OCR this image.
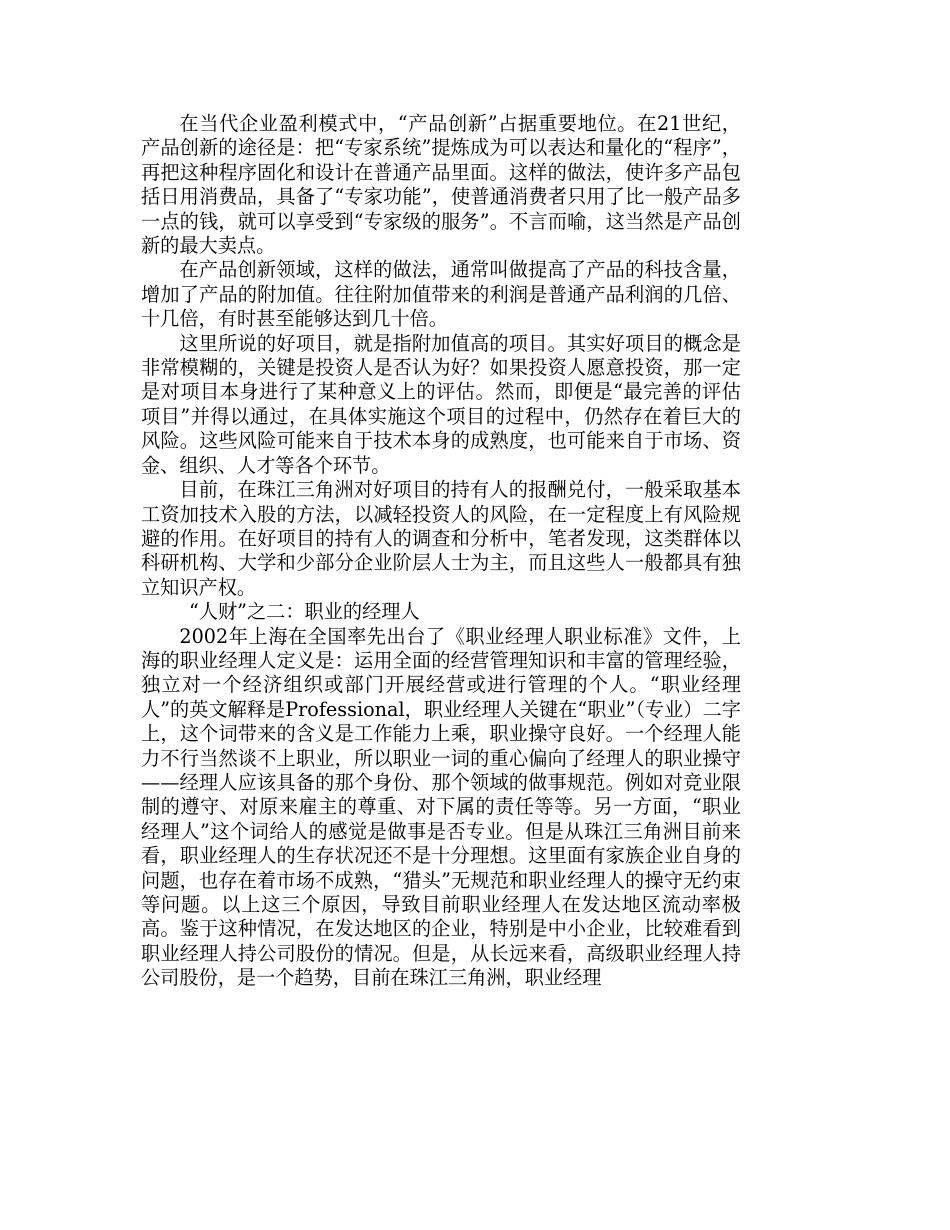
在当代企业盈利模式中，“产品创新”占据重要地位。在21世纪，产品创新的途径是：把“专家系统”提炼成为可以表达和量化的“程序”，再把这种程序固化和设计在普通产品里面。这样的做法，使许多产品包括日用消费品，具备了“专家功能”，使普通消费者只用了比一般产品多一点的钱，就可以享受到“专家级的服务”。不言而喻，这当然是产品创新的最大卖点。

在产品创新领域，这样的做法，通常叫做提高了产品的科技含量，增加了产品的附加值。往往附加值带来的利润是普通产品利润的几倍、十几倍，有时甚至能够达到几十倍。

这里所说的好项目，就是指附加值高的项目。其实好项目的概念是非常模糊的，关键是投资人是否认为好？如果投资人愿意投资，那一定是对项目本身进行了某种意义上的评估。然而，即便是“最完善的评估项目”并得以通过，在具体实施这个项目的过程中，仍然存在着巨大的风险。这些风险可能来自于技术本身的成熟度，也可能来自于市场、资金、组织、人才等各个环节。

目前，在珠江三角洲对好项目的持有人的报酬兑付，一般采取基本工资加技术入股的方法，以减轻投资人的风险，在一定程度上有风险规避的作用。在好项目的持有人的调查和分析中，笔者发现，这类群体以科研机构、大学和少部分企业阶层人士为主，而且这些人一般都具有独立知识产权。

“人财”之二：职业的经理人

2002年上海在全国率先出台了《职业经理人职业标准》文件，上海的职业经理人定义是：运用全面的经营管理知识和丰富的管理经验，独立对一个经济组织或部门开展经营或进行管理的个人。“职业经理人”的英文解释是Professional，职业经理人关键在“职业”（专业）二字上，这个词带来的含义是工作能力上乘，职业操守良好。一个经理人能力不行当然谈不上职业，所以职业一词的重心偏向了经理人的职业操守——经理人应该具备的那个身份、那个领域的做事规范。例如对竞业限制的遵守、对原来雇主的尊重、对下属的责任等等。另一方面，“职业经理人”这个词给人的感觉是做事是否专业。但是从珠江三角洲目前来看，职业经理人的生存状况还不是十分理想。这里面有家族企业自身的问题，也存在着市场不成熟，“猎头”无规范和职业经理人的操守无约束等问题。以上这三个原因，导致目前职业经理人在发达地区流动率极高。鉴于这种情况，在发达地区的企业，特别是中小企业，比较难看到职业经理人持公司股份的情况。但是，从长远来看，高级职业经理人持公司股份，是一个趋势，目前在珠江三角洲，职业经理
